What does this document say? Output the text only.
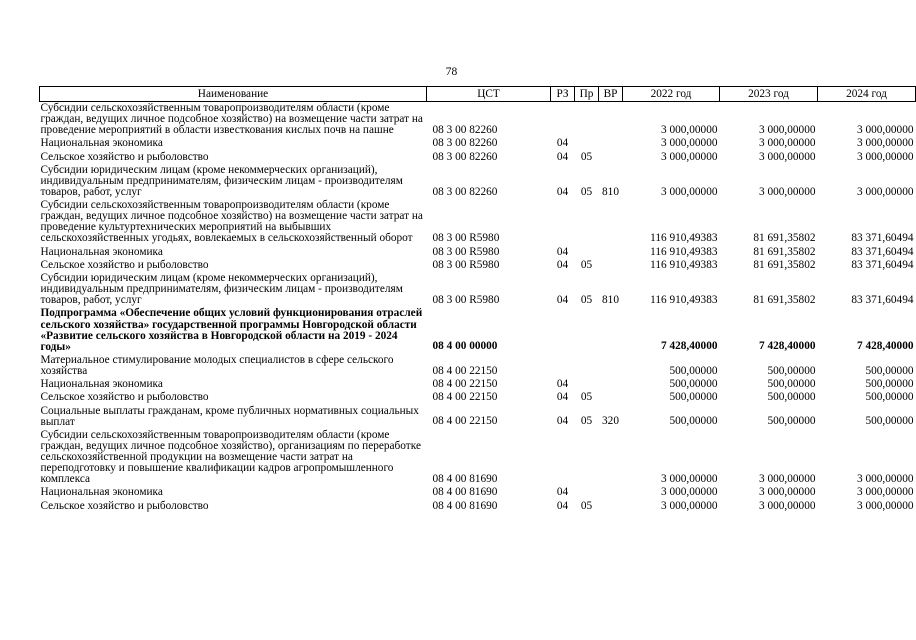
78
Наименование	ЦСТ	РЗ	Пр	ВР	2022 год	2023 год	2024 год
Субсидии сельскохозяйственным товаропроизводителям области (кроме граждан, ведущих личное подсобное хозяйство) на возмещение части затрат на проведение мероприятий в области известкования кислых почв на пашне	08 3 00 82260				3 000,00000	3 000,00000	3 000,00000
Национальная экономика	08 3 00 82260	04			3 000,00000	3 000,00000	3 000,00000
Сельское хозяйство и рыболовство	08 3 00 82260	04	05		3 000,00000	3 000,00000	3 000,00000
Субсидии юридическим лицам (кроме некоммерческих организаций), индивидуальным предпринимателям, физическим лицам - производителям товаров, работ, услуг	08 3 00 82260	04	05	810	3 000,00000	3 000,00000	3 000,00000
Субсидии сельскохозяйственным товаропроизводителям области (кроме граждан, ведущих личное подсобное хозяйство) на возмещение части затрат на проведение культуртехнических мероприятий на выбывших сельскохозяйственных угодьях, вовлекаемых в сельскохозяйственный оборот	08 3 00 R5980				116 910,49383	81 691,35802	83 371,60494
Национальная экономика	08 3 00 R5980	04			116 910,49383	81 691,35802	83 371,60494
Сельское хозяйство и рыболовство	08 3 00 R5980	04	05		116 910,49383	81 691,35802	83 371,60494
Субсидии юридическим лицам (кроме некоммерческих организаций), индивидуальным предпринимателям, физическим лицам - производителям товаров, работ, услуг	08 3 00 R5980	04	05	810	116 910,49383	81 691,35802	83 371,60494
Подпрограмма «Обеспечение общих условий функционирования отраслей сельского хозяйства» государственной программы Новгородской области «Развитие сельского хозяйства в Новгородской области на 2019 - 2024 годы»	08 4 00 00000				7 428,40000	7 428,40000	7 428,40000
Материальное стимулирование молодых специалистов в сфере сельского хозяйства	08 4 00 22150				500,00000	500,00000	500,00000
Национальная экономика	08 4 00 22150	04			500,00000	500,00000	500,00000
Сельское хозяйство и рыболовство	08 4 00 22150	04	05		500,00000	500,00000	500,00000
Социальные выплаты гражданам, кроме публичных нормативных социальных выплат	08 4 00 22150	04	05	320	500,00000	500,00000	500,00000
Субсидии сельскохозяйственным товаропроизводителям области (кроме граждан, ведущих личное подсобное хозяйство), организациям по переработке сельскохозяйственной продукции на возмещение части затрат на переподготовку и повышение квалификации кадров агропромышленного комплекса	08 4 00 81690				3 000,00000	3 000,00000	3 000,00000
Национальная экономика	08 4 00 81690	04			3 000,00000	3 000,00000	3 000,00000
Сельское хозяйство и рыболовство	08 4 00 81690	04	05		3 000,00000	3 000,00000	3 000,00000
